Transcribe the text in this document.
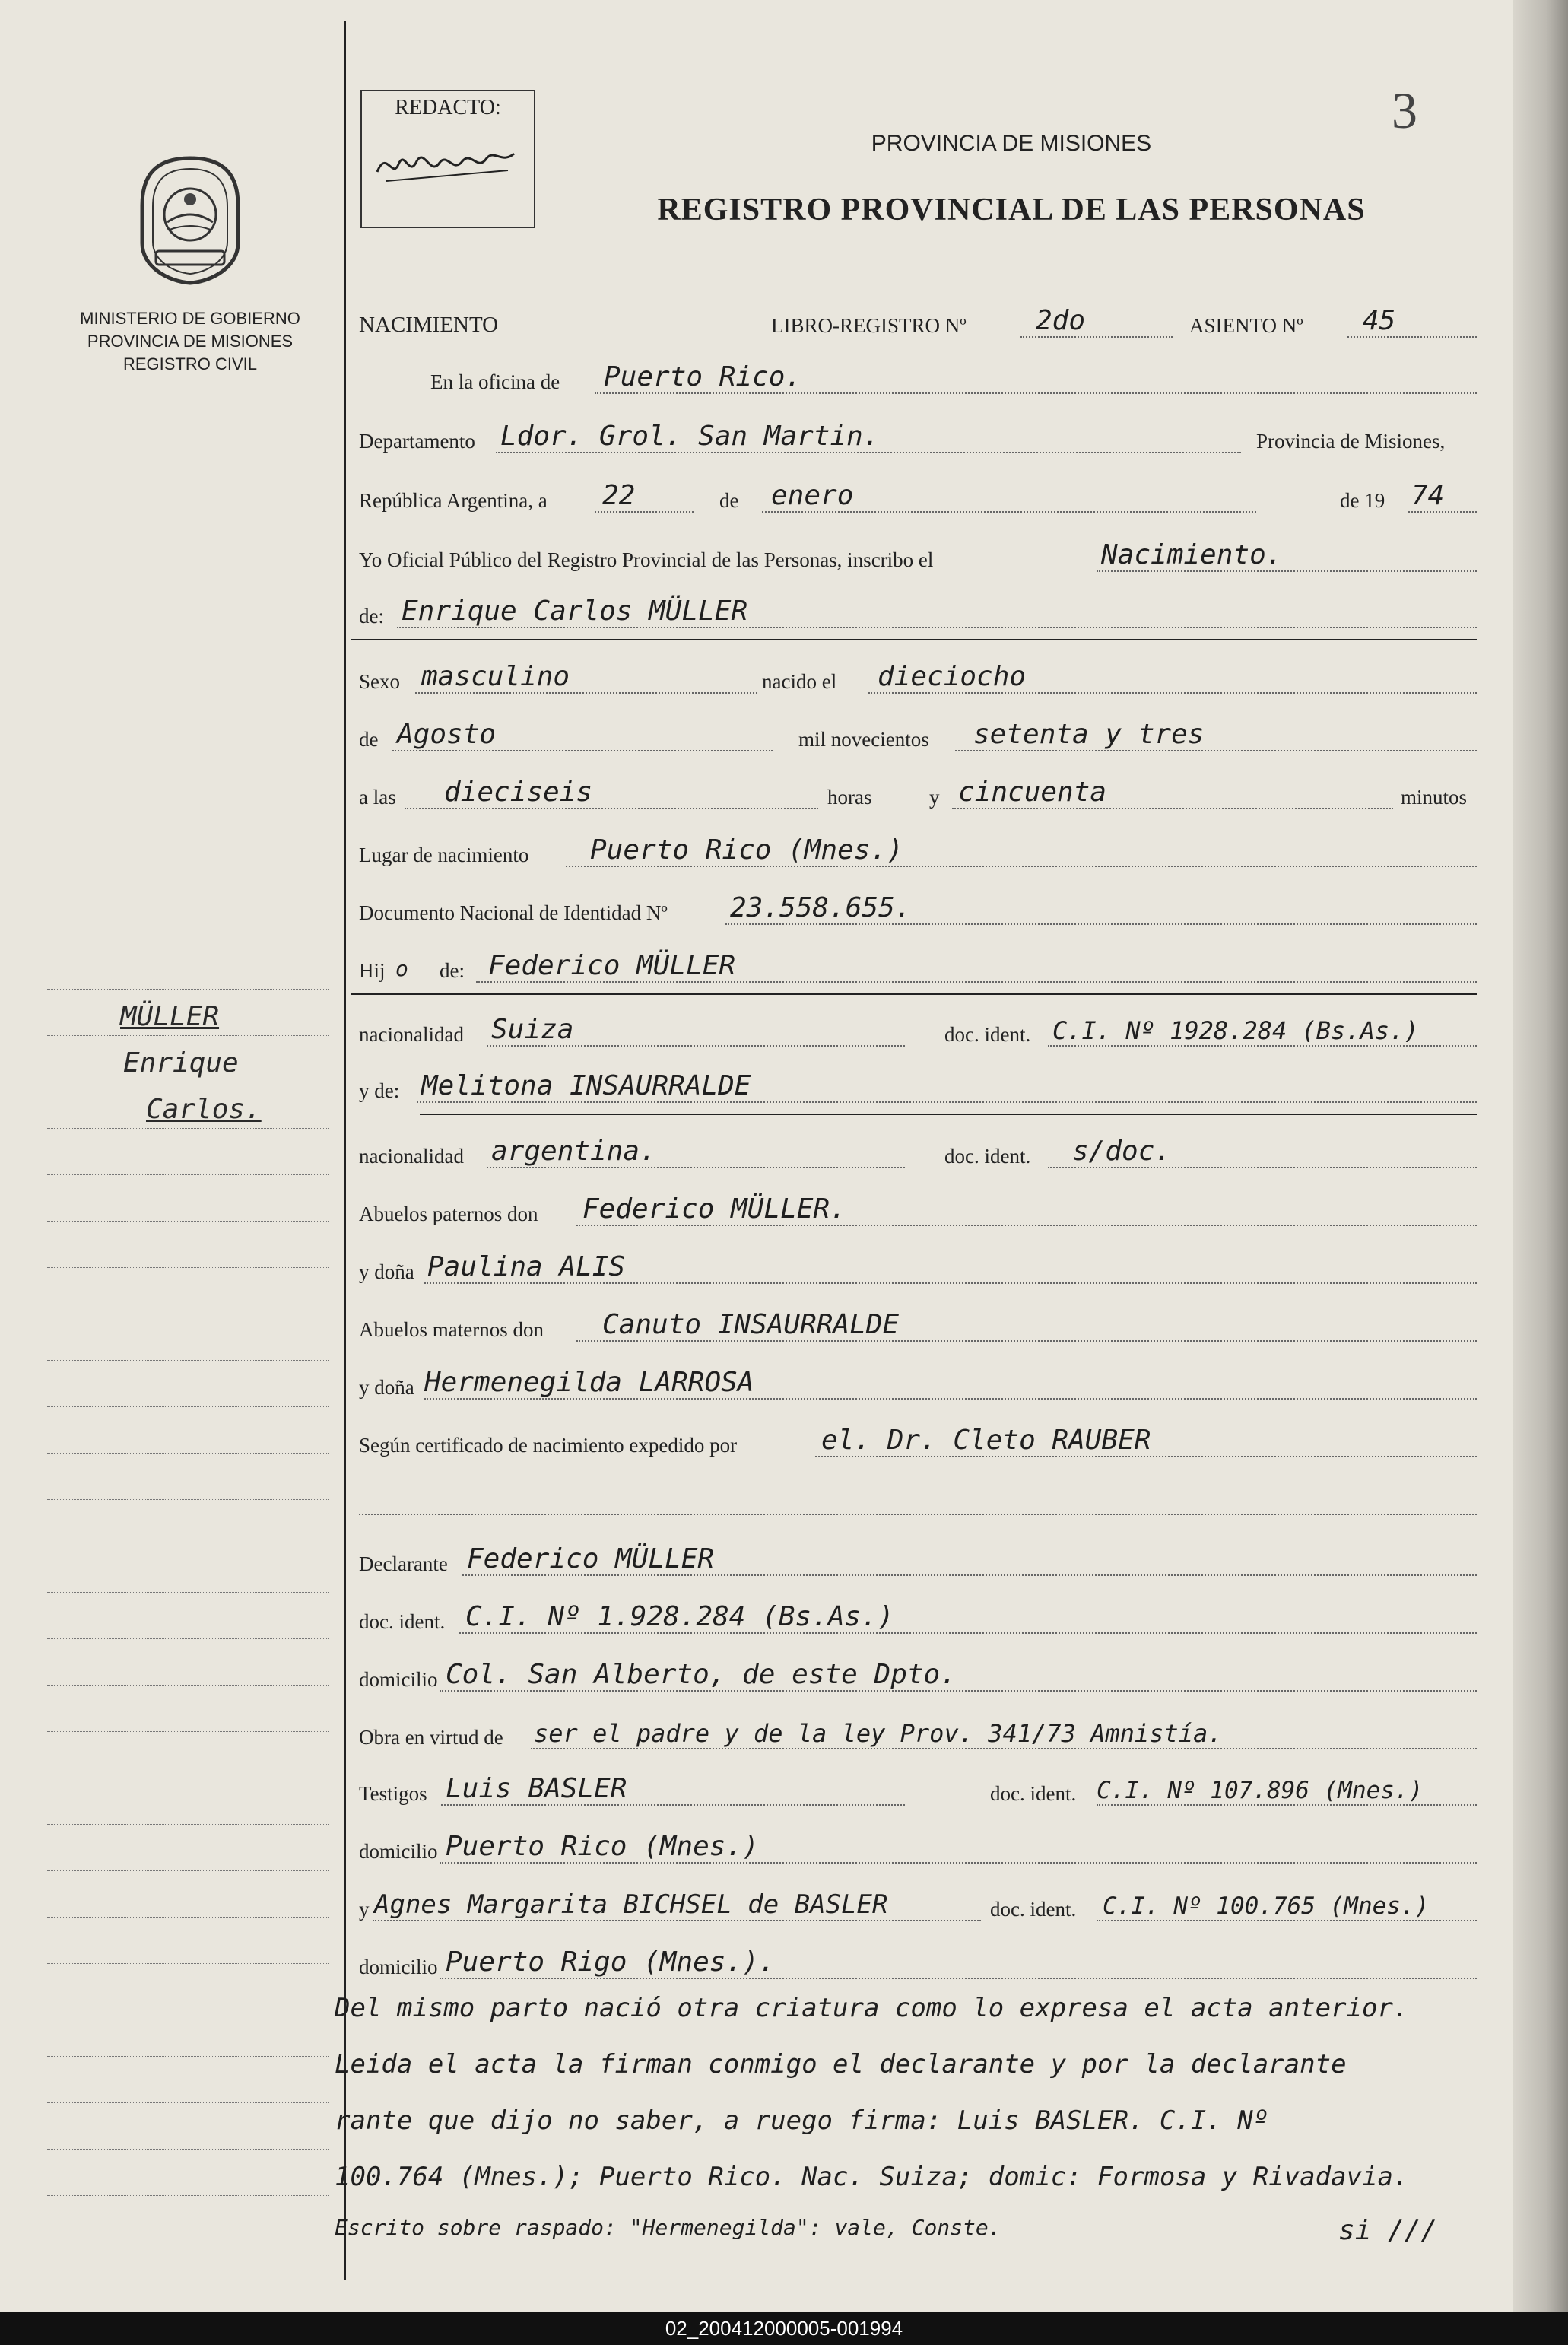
MINISTERIO DE GOBIERNO
PROVINCIA DE MISIONES
REGISTRO CIVIL
MÜLLER
Enrique
Carlos.
REDACTO:	3
PROVINCIA DE MISIONES
REGISTRO PROVINCIAL DE LAS PERSONAS
NACIMIENTO	LIBRO-REGISTRO Nº	2do	ASIENTO Nº 45
En la oficina de Puerto Rico.
Departamento Ldor. Grol. San Martin.	Provincia de Misiones,
República Argentina, a 22	de enero	de 19 74
Yo Oficial Público del Registro Provincial de las Personas, inscribo el	Nacimiento.
de: Enrique Carlos MÜLLER
Sexo masculino	nacido el dieciocho
de Agosto	mil novecientos setenta y tres
a las dieciseis	horas	y cincuenta	minutos
Lugar de nacimiento Puerto Rico (Mnes.)
Documento Nacional de Identidad Nº 23.558.655.
Hij o de: Federico MÜLLER
nacionalidad Suiza	doc. ident. C.I. Nº 1928.284 (Bs.As.)
y de: Melitona INSAURRALDE
nacionalidad argentina.	doc. ident. s/doc.
Abuelos paternos don Federico MÜLLER.
y doña Paulina ALIS
Abuelos maternos don Canuto INSAURRALDE
y doña Hermenegilda LARROSA
Según certificado de nacimiento expedido por	el. Dr. Cleto RAUBER
Declarante Federico MÜLLER
doc. ident. C.I. Nº 1.928.284 (Bs.As.)
domicilio Col. San Alberto, de este Dpto.
Obra en virtud de ser el padre y de la ley Prov. 341/73 Amnistía.
Testigos Luis BASLER	doc. ident. C.I. Nº 107.896 (Mnes.)
domicilio Puerto Rico (Mnes.)
y Agnes Margarita BICHSEL de BASLER	doc. ident. C.I. Nº 100.765 (Mnes.)
domicilio Puerto Rigo (Mnes.).
Del mismo parto nació otra criatura como lo expresa el acta anterior.
Leida el acta la firman conmigo el declarante y por la declarante
rante que dijo no saber, a ruego firma: Luis BASLER. C.I. Nº
100.764 (Mnes.); Puerto Rico. Nac. Suiza; domic: Formosa y Rivadavia.
Escrito sobre raspado: "Hermenegilda": vale, Conste.	si ///
02_200412000005-001994
